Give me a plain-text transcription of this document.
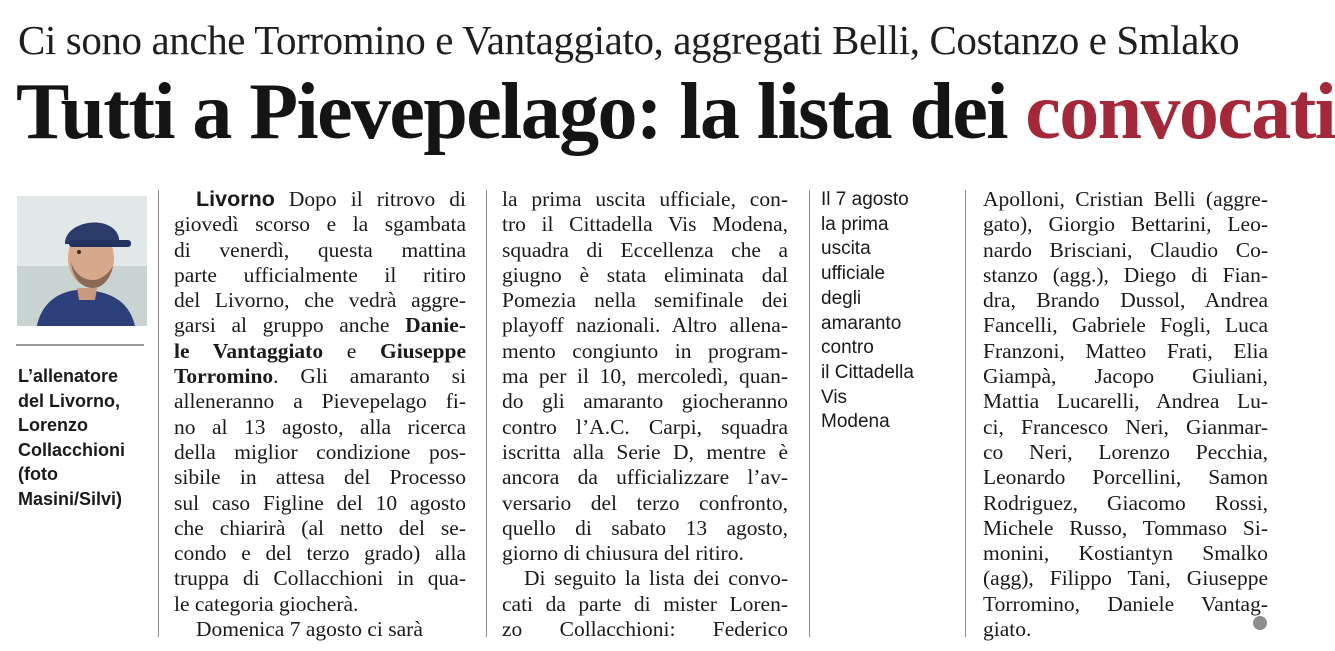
Ci sono anche Torromino e Vantaggiato, aggregati Belli, Costanzo e Smlako
Tutti a Pievepelago: la lista dei convocati
L’allenatore
del Livorno,
Lorenzo
Collacchioni
(foto
Masini/Silvi)
Livorno Dopo il ritrovo di
giovedì scorso e la sgambata
di venerdì, questa mattina
parte ufficialmente il ritiro
del Livorno, che vedrà aggre-
garsi al gruppo anche Danie-
le Vantaggiato e Giuseppe
Torromino. Gli amaranto si
alleneranno a Pievepelago fi-
no al 13 agosto, alla ricerca
della miglior condizione pos-
sibile in attesa del Processo
sul caso Figline del 10 agosto
che chiarirà (al netto del se-
condo e del terzo grado) alla
truppa di Collacchioni in qua-
le categoria giocherà.
Domenica 7 agosto ci sarà
la prima uscita ufficiale, con-
tro il Cittadella Vis Modena,
squadra di Eccellenza che a
giugno è stata eliminata dal
Pomezia nella semifinale dei
playoff nazionali. Altro allena-
mento congiunto in program-
ma per il 10, mercoledì, quan-
do gli amaranto giocheranno
contro l’A.C. Carpi, squadra
iscritta alla Serie D, mentre è
ancora da ufficializzare l’av-
versario del terzo confronto,
quello di sabato 13 agosto,
giorno di chiusura del ritiro.
Di seguito la lista dei convo-
cati da parte di mister Loren-
zo Collacchioni: Federico
Il 7 agosto
la prima
uscita
ufficiale
degli
amaranto
contro
il Cittadella
Vis
Modena
Apolloni, Cristian Belli (aggre-
gato), Giorgio Bettarini, Leo-
nardo Brisciani, Claudio Co-
stanzo (agg.), Diego di Fian-
dra, Brando Dussol, Andrea
Fancelli, Gabriele Fogli, Luca
Franzoni, Matteo Frati, Elia
Giampà, Jacopo Giuliani,
Mattia Lucarelli, Andrea Lu-
ci, Francesco Neri, Gianmar-
co Neri, Lorenzo Pecchia,
Leonardo Porcellini, Samon
Rodriguez, Giacomo Rossi,
Michele Russo, Tommaso Si-
monini, Kostiantyn Smalko
(agg), Filippo Tani, Giuseppe
Torromino, Daniele Vantag-
giato.
